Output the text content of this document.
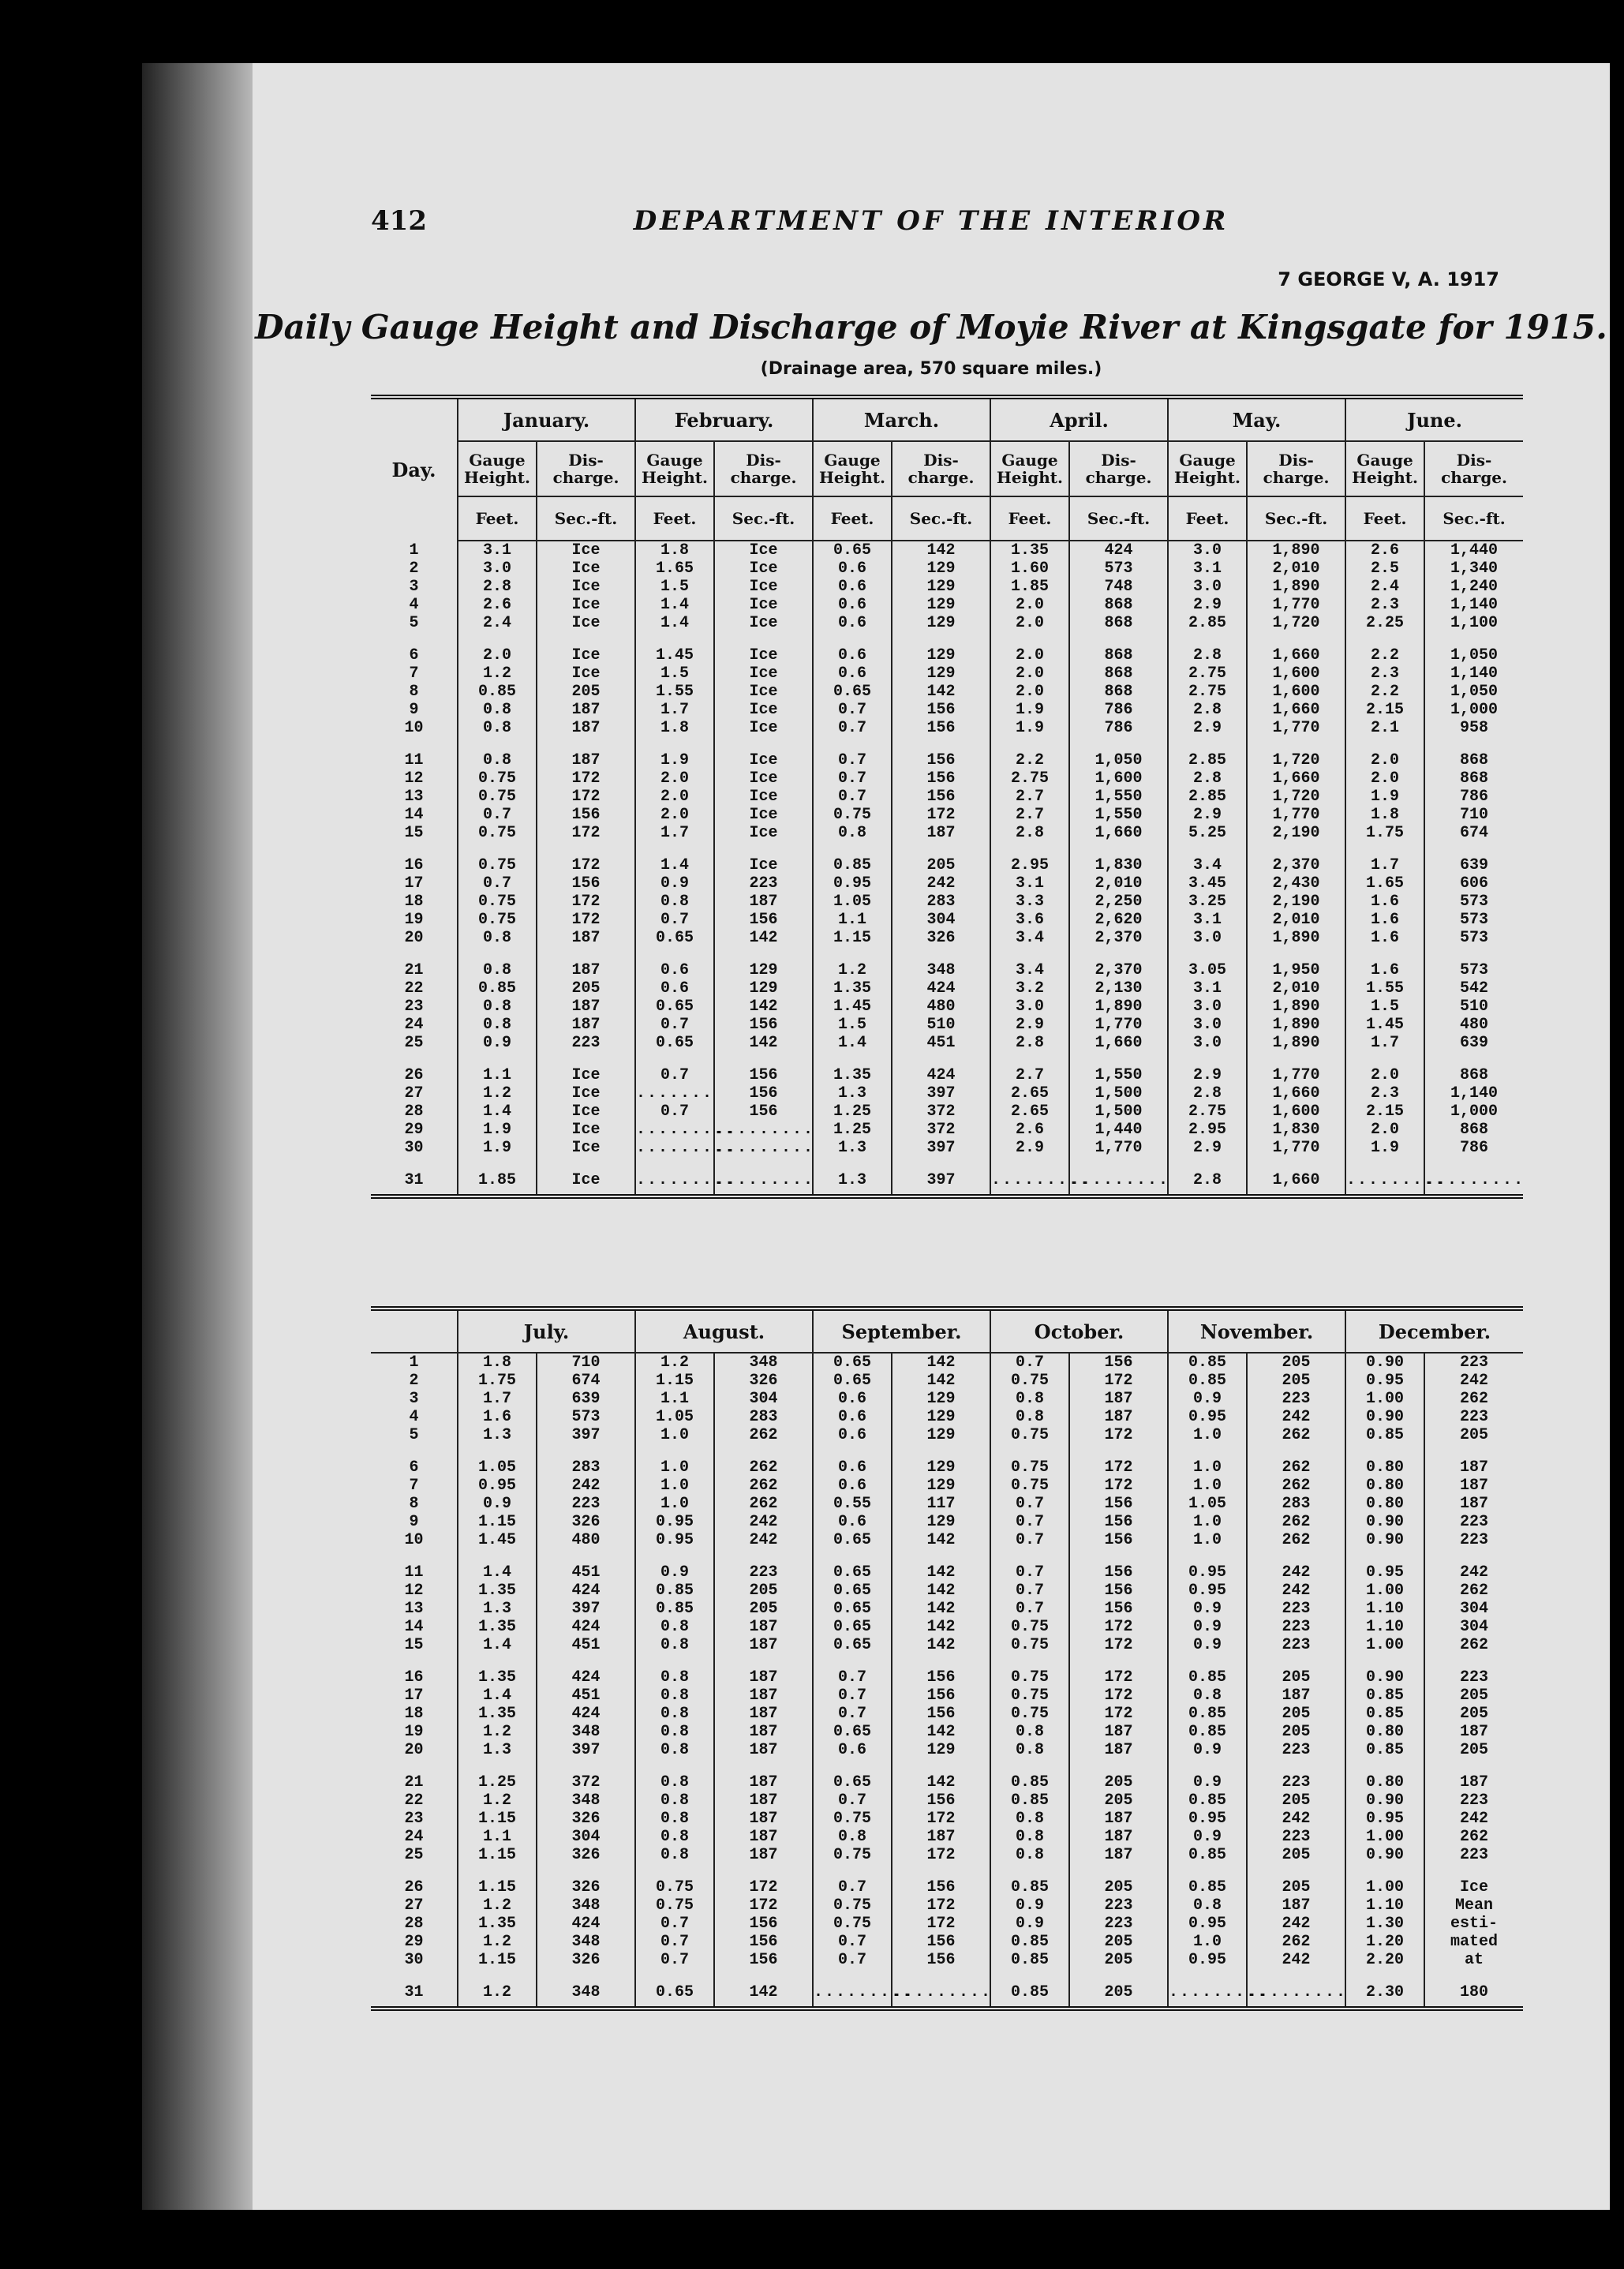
412	DEPARTMENT OF THE INTERIOR
7 GEORGE V, A. 1917
Daily Gauge Height and Discharge of Moyie River at Kingsgate for 1915.
(Drainage area, 570 square miles.)
Day.	January.		February.		March.		April.		May.		June.	
	Gauge Height.	Dis- charge.	Gauge Height.	Dis- charge.	Gauge Height.	Dis- charge.	Gauge Height.	Dis- charge.	Gauge Height.	Dis- charge.	Gauge Height.	Dis- charge.
	Feet.	Sec.-ft.	Feet.	Sec.-ft.	Feet.	Sec.-ft.	Feet.	Sec.-ft.	Feet.	Sec.-ft.	Feet.	Sec.-ft.
1	3.1	Ice	1.8	Ice	0.65	142	1.35	424	3.0	1,890	2.6	1,440
2	3.0	Ice	1.65	Ice	0.6	129	1.60	573	3.1	2,010	2.5	1,340
3	2.8	Ice	1.5	Ice	0.6	129	1.85	748	3.0	1,890	2.4	1,240
4	2.6	Ice	1.4	Ice	0.6	129	2.0	868	2.9	1,770	2.3	1,140
5	2.4	Ice	1.4	Ice	0.6	129	2.0	868	2.85	1,720	2.25	1,100

6	2.0	Ice	1.45	Ice	0.6	129	2.0	868	2.8	1,660	2.2	1,050
7	1.2	Ice	1.5	Ice	0.6	129	2.0	868	2.75	1,600	2.3	1,140
8	0.85	205	1.55	Ice	0.65	142	2.0	868	2.75	1,600	2.2	1,050
9	0.8	187	1.7	Ice	0.7	156	1.9	786	2.8	1,660	2.15	1,000
10	0.8	187	1.8	Ice	0.7	156	1.9	786	2.9	1,770	2.1	958

11	0.8	187	1.9	Ice	0.7	156	2.2	1,050	2.85	1,720	2.0	868
12	0.75	172	2.0	Ice	0.7	156	2.75	1,600	2.8	1,660	2.0	868
13	0.75	172	2.0	Ice	0.7	156	2.7	1,550	2.85	1,720	1.9	786
14	0.7	156	2.0	Ice	0.75	172	2.7	1,550	2.9	1,770	1.8	710
15	0.75	172	1.7	Ice	0.8	187	2.8	1,660	5.25	2,190	1.75	674

16	0.75	172	1.4	Ice	0.85	205	2.95	1,830	3.4	2,370	1.7	639
17	0.7	156	0.9	223	0.95	242	3.1	2,010	3.45	2,430	1.65	606
18	0.75	172	0.8	187	1.05	283	3.3	2,250	3.25	2,190	1.6	573
19	0.75	172	0.7	156	1.1	304	3.6	2,620	3.1	2,010	1.6	573
20	0.8	187	0.65	142	1.15	326	3.4	2,370	3.0	1,890	1.6	573

21	0.8	187	0.6	129	1.2	348	3.4	2,370	3.05	1,950	1.6	573
22	0.85	205	0.6	129	1.35	424	3.2	2,130	3.1	2,010	1.55	542
23	0.8	187	0.65	142	1.45	480	3.0	1,890	3.0	1,890	1.5	510
24	0.8	187	0.7	156	1.5	510	2.9	1,770	3.0	1,890	1.45	480
25	0.9	223	0.65	142	1.4	451	2.8	1,660	3.0	1,890	1.7	639

26	1.1	Ice	0.7	156	1.35	424	2.7	1,550	2.9	1,770	2.0	868
27	1.2	Ice	.......	156	1.3	397	2.65	1,500	2.8	1,660	2.3	1,140
28	1.4	Ice	0.7	156	1.25	372	2.65	1,500	2.75	1,600	2.15	1,000
29	1.9	Ice	.........	.........	1.25	372	2.6	1,440	2.95	1,830	2.0	868
30	1.9	Ice	.........	.........	1.3	397	2.9	1,770	2.9	1,770	1.9	786

31	1.85	Ice	.........	.........	1.3	397	.........	.........	2.8	1,660	.........	.........
	July.		August.		September.		October.		November.		December.	
1	1.8	710	1.2	348	0.65	142	0.7	156	0.85	205	0.90	223
2	1.75	674	1.15	326	0.65	142	0.75	172	0.85	205	0.95	242
3	1.7	639	1.1	304	0.6	129	0.8	187	0.9	223	1.00	262
4	1.6	573	1.05	283	0.6	129	0.8	187	0.95	242	0.90	223
5	1.3	397	1.0	262	0.6	129	0.75	172	1.0	262	0.85	205

6	1.05	283	1.0	262	0.6	129	0.75	172	1.0	262	0.80	187
7	0.95	242	1.0	262	0.6	129	0.75	172	1.0	262	0.80	187
8	0.9	223	1.0	262	0.55	117	0.7	156	1.05	283	0.80	187
9	1.15	326	0.95	242	0.6	129	0.7	156	1.0	262	0.90	223
10	1.45	480	0.95	242	0.65	142	0.7	156	1.0	262	0.90	223

11	1.4	451	0.9	223	0.65	142	0.7	156	0.95	242	0.95	242
12	1.35	424	0.85	205	0.65	142	0.7	156	0.95	242	1.00	262
13	1.3	397	0.85	205	0.65	142	0.7	156	0.9	223	1.10	304
14	1.35	424	0.8	187	0.65	142	0.75	172	0.9	223	1.10	304
15	1.4	451	0.8	187	0.65	142	0.75	172	0.9	223	1.00	262

16	1.35	424	0.8	187	0.7	156	0.75	172	0.85	205	0.90	223
17	1.4	451	0.8	187	0.7	156	0.75	172	0.8	187	0.85	205
18	1.35	424	0.8	187	0.7	156	0.75	172	0.85	205	0.85	205
19	1.2	348	0.8	187	0.65	142	0.8	187	0.85	205	0.80	187
20	1.3	397	0.8	187	0.6	129	0.8	187	0.9	223	0.85	205

21	1.25	372	0.8	187	0.65	142	0.85	205	0.9	223	0.80	187
22	1.2	348	0.8	187	0.7	156	0.85	205	0.85	205	0.90	223
23	1.15	326	0.8	187	0.75	172	0.8	187	0.95	242	0.95	242
24	1.1	304	0.8	187	0.8	187	0.8	187	0.9	223	1.00	262
25	1.15	326	0.8	187	0.75	172	0.8	187	0.85	205	0.90	223

26	1.15	326	0.75	172	0.7	156	0.85	205	0.85	205	1.00	Ice
27	1.2	348	0.75	172	0.75	172	0.9	223	0.8	187	1.10	Mean
28	1.35	424	0.7	156	0.75	172	0.9	223	0.95	242	1.30	esti-
29	1.2	348	0.7	156	0.7	156	0.85	205	1.0	262	1.20	mated
30	1.15	326	0.7	156	0.7	156	0.85	205	0.95	242	2.20	at

31	1.2	348	0.65	142	.........	.........	0.85	205	.........	.........	2.30	180
